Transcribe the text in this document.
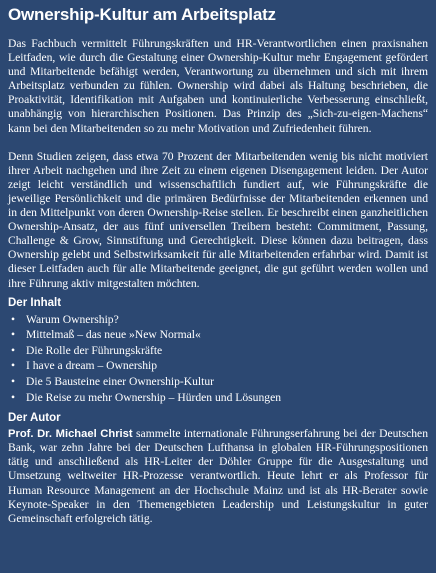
Ownership-Kultur am Arbeitsplatz

Das Fachbuch vermittelt Führungskräften und HR-Verantwortlichen einen praxisnahen Leitfaden, wie durch die Gestaltung einer Ownership-Kultur mehr Engagement gefördert und Mitarbeitende befähigt werden, Verantwortung zu übernehmen und sich mit ihrem Arbeitsplatz verbunden zu fühlen. Ownership wird dabei als Haltung beschrieben, die Proaktivität, Identifikation mit Aufgaben und kontinuierliche Verbesserung einschließt, unabhängig von hierarchischen Positionen. Das Prinzip des „Sich-zu-eigen-Machens“ kann bei den Mitarbeitenden so zu mehr Motivation und Zufriedenheit führen.

Denn Studien zeigen, dass etwa 70 Prozent der Mitarbeitenden wenig bis nicht motiviert ihrer Arbeit nachgehen und ihre Zeit zu einem eigenen Disengagement leiden. Der Autor zeigt leicht verständlich und wissenschaftlich fundiert auf, wie Führungskräfte die jeweilige Persönlichkeit und die primären Bedürfnisse der Mitarbeitenden erkennen und in den Mittelpunkt von deren Ownership-Reise stellen. Er beschreibt einen ganzheitlichen Ownership-Ansatz, der aus fünf universellen Treibern besteht: Commitment, Passung, Challenge & Grow, Sinnstiftung und Gerechtigkeit. Diese können dazu beitragen, dass Ownership gelebt und Selbstwirksamkeit für alle Mitarbeitenden erfahrbar wird. Damit ist dieser Leitfaden auch für alle Mitarbeitende geeignet, die gut geführt werden wollen und ihre Führung aktiv mitgestalten möchten.

Der Inhalt
• Warum Ownership?
• Mittelmaß – das neue »New Normal«
• Die Rolle der Führungskräfte
• I have a dream – Ownership
• Die 5 Bausteine einer Ownership-Kultur
• Die Reise zu mehr Ownership – Hürden und Lösungen
Der Autor

Prof. Dr. Michael Christ sammelte internationale Führungserfahrung bei der Deutschen Bank, war zehn Jahre bei der Deutschen Lufthansa in globalen HR-Führungspositionen tätig und anschließend als HR-Leiter der Döhler Gruppe für die Ausgestaltung und Umsetzung weltweiter HR-Prozesse verantwortlich. Heute lehrt er als Professor für Human Resource Management an der Hochschule Mainz und ist als HR-Berater sowie Keynote-Speaker in den Themengebieten Leadership und Leistungskultur in guter Gemeinschaft erfolgreich tätig.
